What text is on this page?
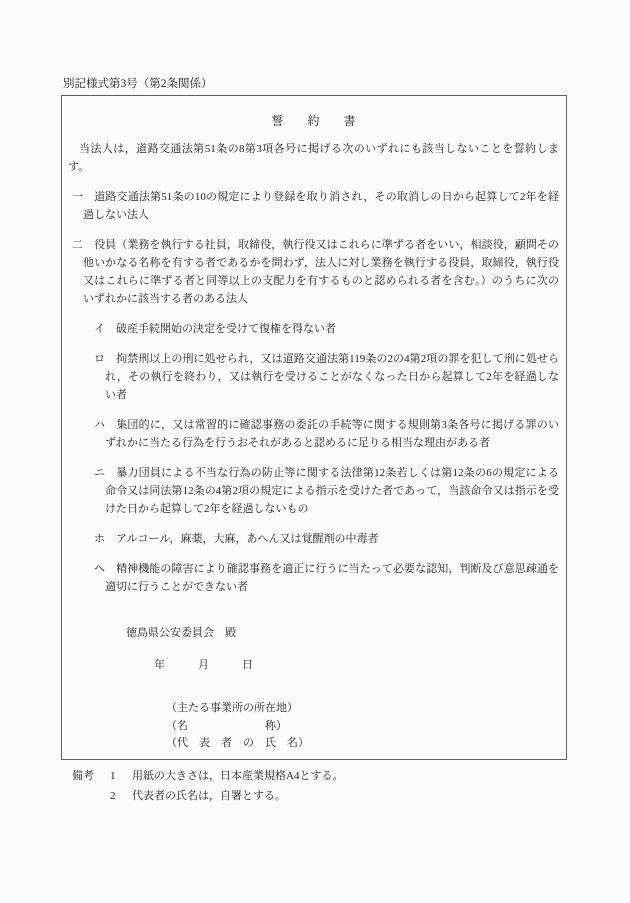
別記様式第3号（第2条関係）
誓　　約　　書

当法人は，道路交通法第51条の8第3項各号に掲げる次のいずれにも該当しないことを誓約します。

一 道路交通法第51条の10の規定により登録を取り消され，その取消しの日から起算して2年を経過しない法人
二 役員（業務を執行する社員，取締役，執行役又はこれらに準ずる者をいい，相談役，顧問その他いかなる名称を有する者であるかを問わず，法人に対し業務を執行する役員，取締役，執行役又はこれらに準ずる者と同等以上の支配力を有するものと認められる者を含む。）のうちに次のいずれかに該当する者のある法人
イ 破産手続開始の決定を受けて復権を得ない者
ロ 拘禁刑以上の刑に処せられ，又は道路交通法第119条の2の4第2項の罪を犯して刑に処せられ，その執行を終わり，又は執行を受けることがなくなった日から起算して2年を経過しない者
ハ 集団的に，又は常習的に確認事務の委託の手続等に関する規則第3条各号に掲げる罪のいずれかに当たる行為を行うおそれがあると認めるに足りる相当な理由がある者
ニ 暴力団員による不当な行為の防止等に関する法律第12条若しくは第12条の6の規定による命令又は同法第12条の4第2項の規定による指示を受けた者であって，当該命令又は指示を受けた日から起算して2年を経過しないもの
ホ アルコール，麻薬，大麻，あへん又は覚醒剤の中毒者
ヘ 精神機能の障害により確認事務を適正に行うに当たって必要な認知，判断及び意思疎通を適切に行うことができない者
徳島県公安委員会　殿
年　　　月　　　日
（主たる事業所の所在地）
（名　　　　　　　称）
（代　表　者　の　氏　名）
備考	1	用紙の大きさは，日本産業規格A4とする。
2	代表者の氏名は，自署とする。
